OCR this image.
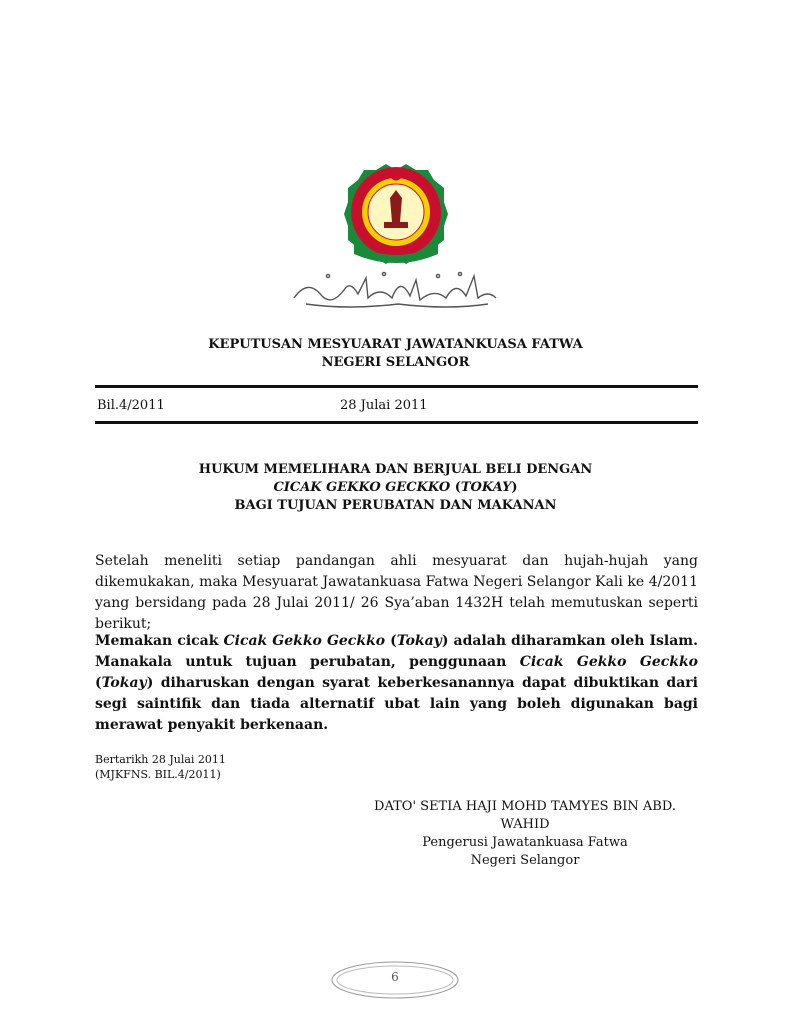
KEPUTUSAN MESYUARAT JAWATANKUASA FATWA
NEGERI SELANGOR
Bil.4/2011	28 Julai 2011
HUKUM MEMELIHARA DAN BERJUAL BELI DENGAN
CICAK GEKKO GECKKO (TOKAY)
BAGI TUJUAN PERUBATAN DAN MAKANAN
Setelah meneliti setiap pandangan ahli mesyuarat dan hujah-hujah yang dikemukakan, maka Mesyuarat Jawatankuasa Fatwa Negeri Selangor Kali ke 4/2011 yang bersidang pada 28 Julai 2011/ 26 Sya’aban 1432H telah memutuskan seperti berikut;
Memakan cicak Cicak Gekko Geckko (Tokay) adalah diharamkan oleh Islam. Manakala untuk tujuan perubatan, penggunaan Cicak Gekko Geckko (Tokay) diharuskan dengan syarat keberkesanannya dapat dibuktikan dari segi saintifik dan tiada alternatif ubat lain yang boleh digunakan bagi merawat penyakit berkenaan.
Bertarikh 28 Julai 2011
(MJKFNS. BIL.4/2011)
DATO' SETIA HAJI MOHD TAMYES BIN ABD. WAHID
Pengerusi Jawatankuasa Fatwa
Negeri Selangor
6
